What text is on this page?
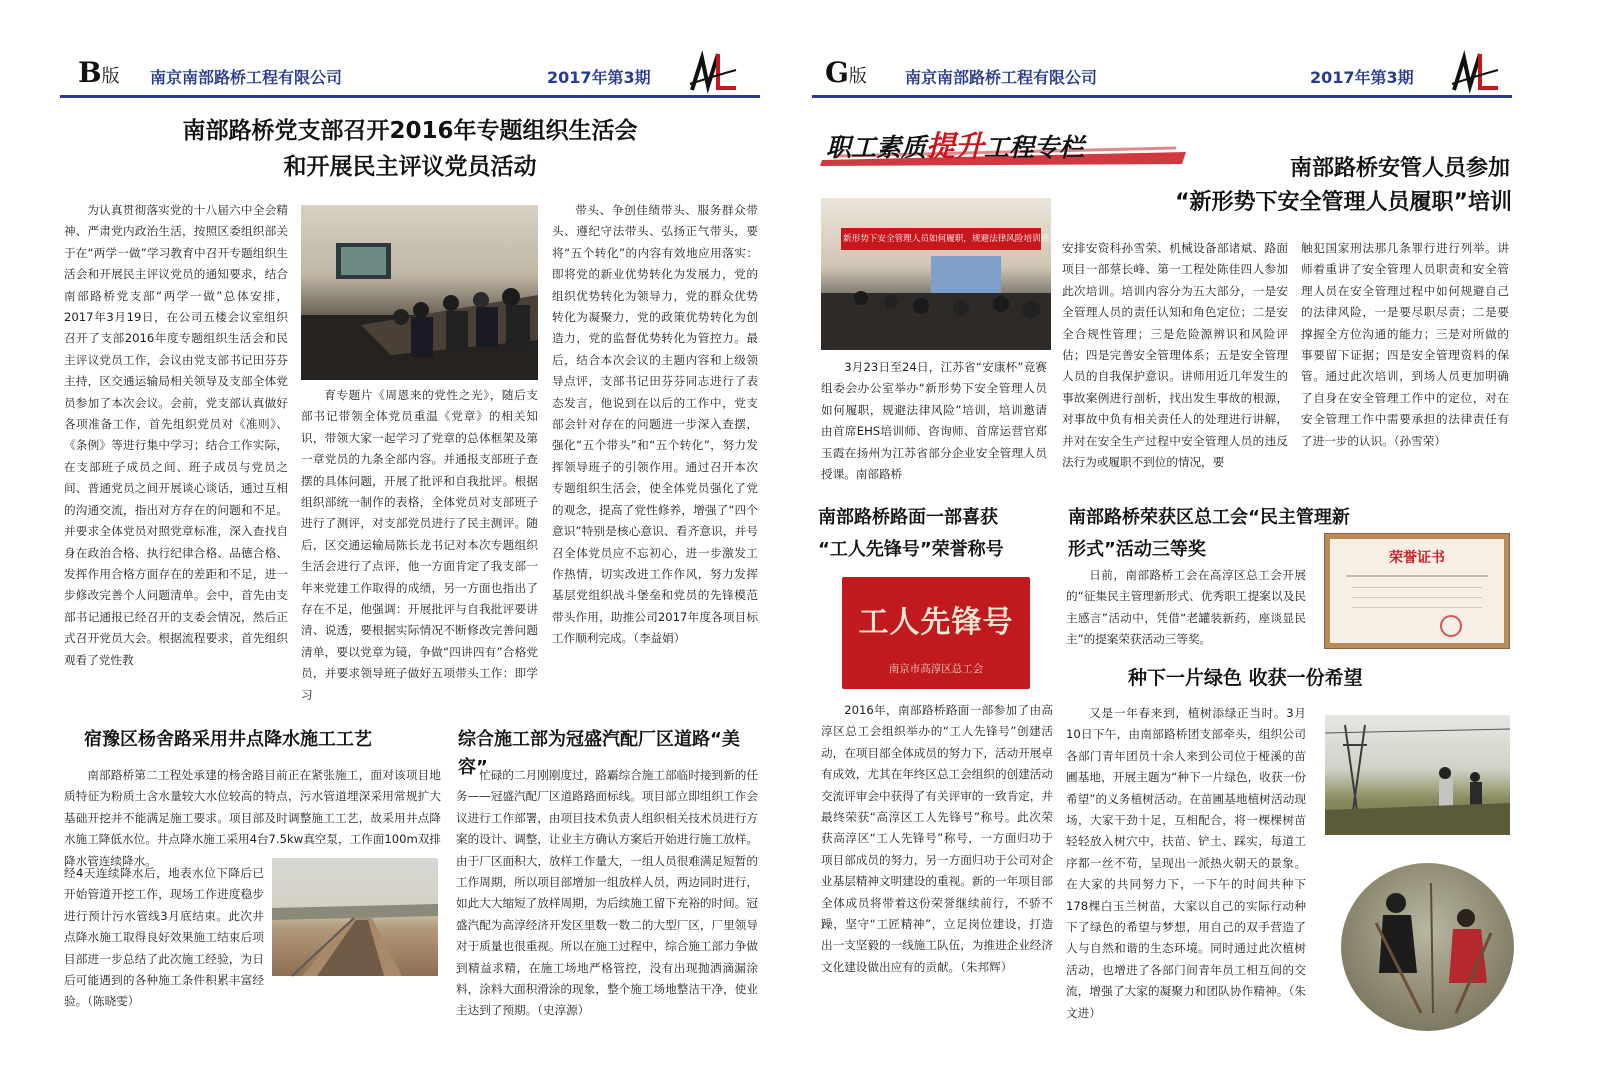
B版 南京南部路桥工程有限公司	2017年第3期
南部路桥党支部召开2016年专题组织生活会
和开展民主评议党员活动
为认真贯彻落实党的十八届六中全会精神、严肃党内政治生活，按照区委组织部关于在“两学一做”学习教育中召开专题组织生活会和开展民主评议党员的通知要求，结合南部路桥党支部“两学一做”总体安排，2017年3月19日，在公司五楼会议室组织召开了支部2016年度专题组织生活会和民主评议党员工作，会议由党支部书记田芬芬主持，区交通运输局相关领导及支部全体党员参加了本次会议。会前，党支部认真做好各项准备工作，首先组织党员对《准则》、《条例》等进行集中学习；结合工作实际，在支部班子成员之间、班子成员与党员之间、普通党员之间开展谈心谈话，通过互相的沟通交流，指出对方存在的问题和不足。并要求全体党员对照党章标准，深入查找自身在政治合格、执行纪律合格、品德合格、发挥作用合格方面存在的差距和不足，进一步修改完善个人问题清单。会中，首先由支部书记通报已经召开的支委会情况，然后正式召开党员大会。根据流程要求，首先组织观看了党性教
育专题片《周恩来的党性之光》，随后支部书记带领全体党员重温《党章》的相关知识，带领大家一起学习了党章的总体框架及第一章党员的九条全部内容。并通报支部班子查摆的具体问题，开展了批评和自我批评。根据组织部统一制作的表格，全体党员对支部班子进行了测评，对支部党员进行了民主测评。随后，区交通运输局陈长龙书记对本次专题组织生活会进行了点评，他一方面肯定了我支部一年来党建工作取得的成绩，另一方面也指出了存在不足，他强调：开展批评与自我批评要讲清、说透，要根据实际情况不断修改完善问题清单，要以党章为镜，争做“四讲四有”合格党员，并要求领导班子做好五项带头工作：即学习
带头、争创佳绩带头、服务群众带头、遵纪守法带头、弘扬正气带头，要将“五个转化”的内容有效地应用落实：即将党的新业优势转化为发展力，党的组织优势转化为领导力，党的群众优势转化为凝聚力，党的政策优势转化为创造力，党的监督优势转化为管控力。最后，结合本次会议的主题内容和上级领导点评，支部书记田芬芬同志进行了表态发言，他说到在以后的工作中，党支部会针对存在的问题进一步深入查摆，强化“五个带头”和“五个转化”，努力发挥领导班子的引领作用。通过召开本次专题组织生活会，使全体党员强化了党的观念，提高了党性修养，增强了“四个意识”特别是核心意识、看齐意识，并号召全体党员应不忘初心，进一步激发工作热情，切实改进工作作风，努力发挥基层党组织战斗堡垒和党员的先锋模范带头作用，助推公司2017年度各项目标工作顺利完成。（李益娟）
宿豫区杨舍路采用井点降水施工工艺
南部路桥第二工程处承建的杨舍路目前正在紧张施工，面对该项目地质特征为粉质土含水量较大水位较高的特点，污水管道埋深采用常规扩大基础开挖并不能满足施工要求。项目部及时调整施工工艺，故采用井点降水施工降低水位。井点降水施工采用4台7.5kw真空泵，工作面100m双排降水管连续降水。
经4天连续降水后，地表水位下降后已开始管道开挖工作，现场工作进度稳步进行预计污水管线3月底结束。此次井点降水施工取得良好效果施工结束后项目部进一步总结了此次施工经验，为日后可能遇到的各种施工条件积累丰富经验。（陈晓雯）
综合施工部为冠盛汽配厂区道路“美容”
忙碌的二月刚刚度过，路霸综合施工部临时接到新的任务——冠盛汽配厂区道路路面标线。项目部立即组织工作会议进行工作部署，由项目技术负责人组织相关技术员进行方案的设计、调整，让业主方确认方案后开始进行施工放样。由于厂区面积大，放样工作量大，一组人员很难满足短暂的工作周期，所以项目部增加一组放样人员，两边同时进行，如此大大缩短了放样周期，为后续施工留下充裕的时间。冠盛汽配为高淳经济开发区里数一数二的大型厂区，厂里领导对于质量也很重视。所以在施工过程中，综合施工部力争做到精益求精，在施工场地严格管控，没有出现抛洒滴漏涂料，涂料大面积滑涂的现象，整个施工场地整洁干净，使业主达到了预期。（史淳源）
G版 南京南部路桥工程有限公司	2017年第3期
职工素质提升工程专栏
南部路桥安管人员参加
“新形势下安全管理人员履职”培训
新形势下安全管理人员如何履职，规避法律风险培训班
3月23日至24日，江苏省“安康杯”竞赛组委会办公室举办“新形势下安全管理人员如何履职，规避法律风险”培训，培训邀请由首席EHS培训师、咨询师、首席运营官郑玉霞在扬州为江苏省部分企业安全管理人员授课。南部路桥
安排安资科孙雪荣、机械设备部诸斌、路面项目一部蔡长峰、第一工程处陈佳四人参加此次培训。培训内容分为五大部分，一是安全管理人员的责任认知和角色定位；二是安全合规性管理；三是危险源辨识和风险评估；四是完善安全管理体系；五是安全管理人员的自我保护意识。讲师用近几年发生的事故案例进行剖析，找出发生事故的根源，对事故中负有相关责任人的处理进行讲解，并对在安全生产过程中安全管理人员的违反法行为或履职不到位的情况，要
触犯国家刑法那几条罪行进行列举。讲师着重讲了安全管理人员职责和安全管理人员在安全管理过程中如何规避自己的法律风险，一是要尽职尽责；二是要撑握全方位沟通的能力；三是对所做的事要留下证据；四是安全管理资料的保管。通过此次培训，到场人员更加明确了自身在安全管理工作中的定位，对在安全管理工作中需要承担的法律责任有了进一步的认识。（孙雪荣）
南部路桥路面一部喜获
“工人先锋号”荣誉称号
工人先锋号
南京市高淳区总工会
2016年，南部路桥路面一部参加了由高淳区总工会组织举办的“工人先锋号”创建活动，在项目部全体成员的努力下，活动开展卓有成效，尤其在年终区总工会组织的创建活动交流评审会中获得了有关评审的一致肯定，并最终荣获“高淳区工人先锋号”称号。此次荣获高淳区“工人先锋号”称号，一方面归功于项目部成员的努力，另一方面归功于公司对企业基层精神文明建设的重视。新的一年项目部全体成员将带着这份荣誉继续前行，不骄不躁，坚守“工匠精神”，立足岗位建设，打造出一支坚毅的一线施工队伍，为推进企业经济文化建设做出应有的贡献。（朱邦辉）
南部路桥荣获区总工会“民主管理新
形式”活动三等奖
日前，南部路桥工会在高淳区总工会开展的“征集民主管理新形式、优秀职工提案以及民主感言”活动中，凭借“老罐装新药，座谈显民主”的提案荣获活动三等奖。
荣誉证书
种下一片绿色 收获一份希望
又是一年春来到，植树添绿正当时。3月10日下午，由南部路桥团支部牵头，组织公司各部门青年团员十余人来到公司位于桠溪的苗圃基地，开展主题为“种下一片绿色，收获一份希望”的义务植树活动。在苗圃基地植树活动现场，大家干劲十足，互相配合，将一棵棵树苗轻轻放入树穴中，扶苗、铲土、踩实，每道工序都一丝不苟，呈现出一派热火朝天的景象。在大家的共同努力下，一下午的时间共种下178棵白玉兰树苗，大家以自己的实际行动种下了绿色的希望与梦想，用自己的双手营造了人与自然和谐的生态环境。同时通过此次植树活动，也增进了各部门间青年员工相互间的交流，增强了大家的凝聚力和团队协作精神。（朱文进）
